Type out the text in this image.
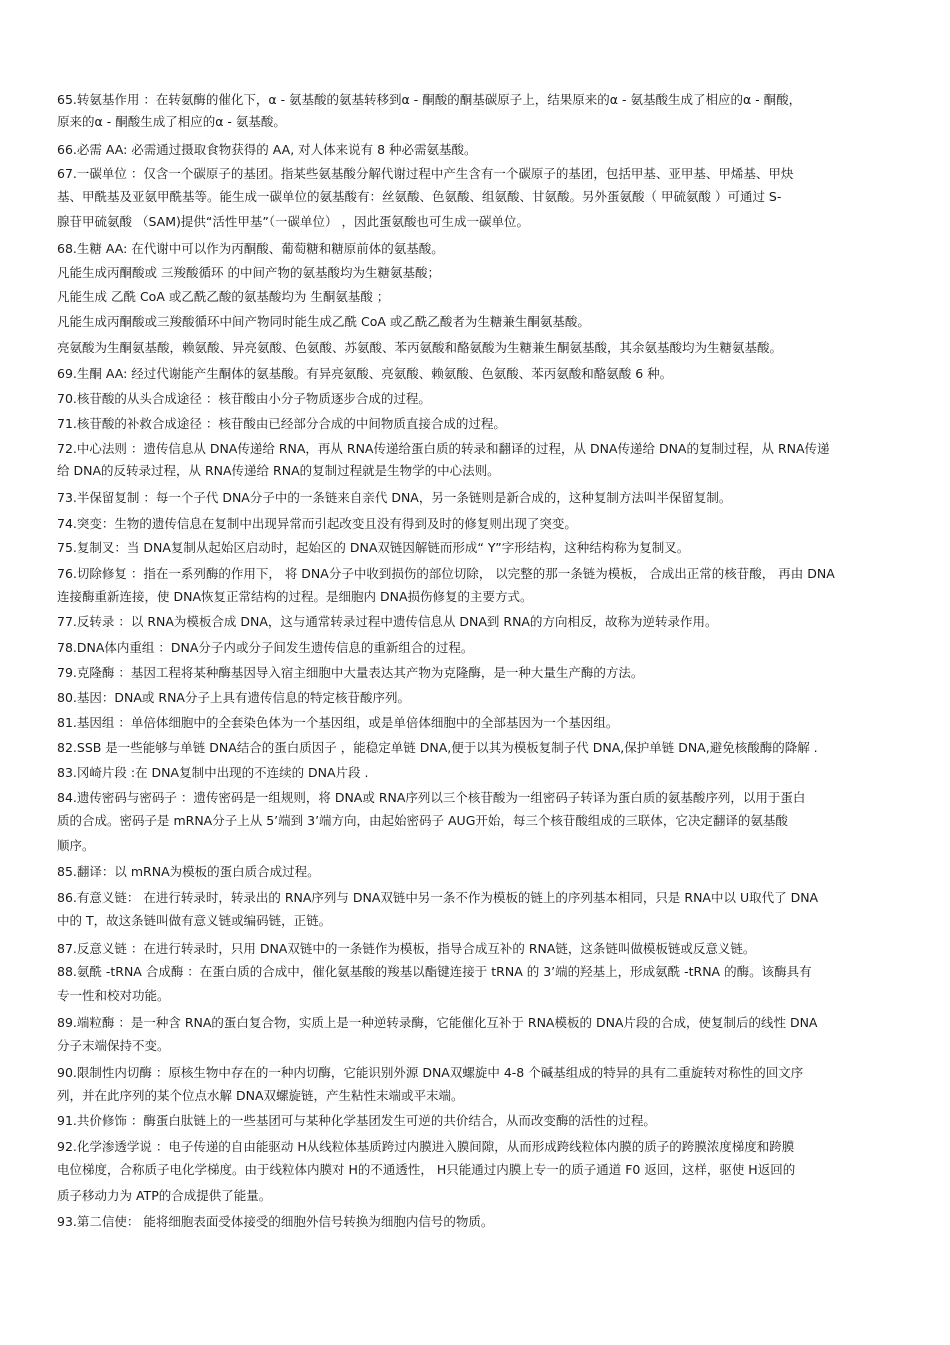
65.转氨基作用 ：在转氨酶的催化下，α - 氨基酸的氨基转移到α - 酮酸的酮基碳原子上，结果原来的α - 氨基酸生成了相应的α - 酮酸，
原来的α - 酮酸生成了相应的α - 氨基酸。
66.必需 AA: 必需通过摄取食物获得的 AA, 对人体来说有 8 种必需氨基酸。
67.一碳单位 ：仅含一个碳原子的基团。指某些氨基酸分解代谢过程中产生含有一个碳原子的基团，包括甲基、亚甲基、甲烯基、甲炔
基、甲酰基及亚氨甲酰基等。能生成一碳单位的氨基酸有：丝氨酸、色氨酸、组氨酸、甘氨酸。另外蛋氨酸（ 甲硫氨酸 ）可通过 S-
腺苷甲硫氨酸 （SAM)提供“活性甲基”（一碳单位） ，因此蛋氨酸也可生成一碳单位。
68.生糖 AA: 在代谢中可以作为丙酮酸、葡萄糖和糖原前体的氨基酸。
凡能生成丙酮酸或 三羧酸循环 的中间产物的氨基酸均为生糖氨基酸；
凡能生成 乙酰 CoA 或乙酰乙酸的氨基酸均为 生酮氨基酸 ；
凡能生成丙酮酸或三羧酸循环中间产物同时能生成乙酰 CoA 或乙酰乙酸者为生糖兼生酮氨基酸。
亮氨酸为生酮氨基酸，赖氨酸、异亮氨酸、色氨酸、苏氨酸、苯丙氨酸和酪氨酸为生糖兼生酮氨基酸，其余氨基酸均为生糖氨基酸。
69.生酮 AA: 经过代谢能产生酮体的氨基酸。有异亮氨酸、亮氨酸、赖氨酸、色氨酸、苯丙氨酸和酪氨酸 6 种。
70.核苷酸的从头合成途径 ：核苷酸由小分子物质逐步合成的过程。
71.核苷酸的补救合成途径 ：核苷酸由已经部分合成的中间物质直接合成的过程。
72.中心法则 ：遗传信息从 DNA传递给 RNA，再从 RNA传递给蛋白质的转录和翻译的过程，从 DNA传递给 DNA的复制过程，从 RNA传递
给 DNA的反转录过程，从 RNA传递给 RNA的复制过程就是生物学的中心法则。
73.半保留复制 ：每一个子代 DNA分子中的一条链来自亲代 DNA，另一条链则是新合成的，这种复制方法叫半保留复制。
74.突变：生物的遗传信息在复制中出现异常而引起改变且没有得到及时的修复则出现了突变。
75.复制叉：当 DNA复制从起始区启动时，起始区的 DNA双链因解链而形成“ Y”字形结构，这种结构称为复制叉。
76.切除修复 ：指在一系列酶的作用下， 将 DNA分子中收到损伤的部位切除， 以完整的那一条链为模板， 合成出正常的核苷酸， 再由 DNA
连接酶重新连接，使 DNA恢复正常结构的过程。是细胞内 DNA损伤修复的主要方式。
77.反转录 ：以 RNA为模板合成 DNA，这与通常转录过程中遗传信息从 DNA到 RNA的方向相反，故称为逆转录作用。
78.DNA体内重组 ：DNA分子内或分子间发生遗传信息的重新组合的过程。
79.克隆酶 ：基因工程将某种酶基因导入宿主细胞中大量表达其产物为克隆酶，是一种大量生产酶的方法。
80.基因：DNA或 RNA分子上具有遗传信息的特定核苷酸序列。
81.基因组 ：单倍体细胞中的全套染色体为一个基因组，或是单倍体细胞中的全部基因为一个基因组。
82.SSB 是一些能够与单链 DNA结合的蛋白质因子 ，能稳定单链 DNA,便于以其为模板复制子代 DNA,保护单链 DNA,避免核酸酶的降解 .
83.冈崎片段 :在 DNA复制中出现的不连续的 DNA片段 .
84.遗传密码与密码子 ：遗传密码是一组规则，将 DNA或 RNA序列以三个核苷酸为一组密码子转译为蛋白质的氨基酸序列，以用于蛋白
质的合成。密码子是 mRNA分子上从 5’端到 3’端方向，由起始密码子 AUG开始，每三个核苷酸组成的三联体，它决定翻译的氨基酸
顺序。
85.翻译：以 mRNA为模板的蛋白质合成过程。
86.有意义链： 在进行转录时，转录出的 RNA序列与 DNA双链中另一条不作为模板的链上的序列基本相同，只是 RNA中以 U取代了 DNA
中的 T，故这条链叫做有意义链或编码链，正链。
87.反意义链 ：在进行转录时，只用 DNA双链中的一条链作为模板，指导合成互补的 RNA链，这条链叫做模板链或反意义链。
88.氨酰 -tRNA 合成酶 ：在蛋白质的合成中，催化氨基酸的羧基以酯键连接于 tRNA 的 3’端的羟基上，形成氨酰 -tRNA 的酶。该酶具有
专一性和校对功能。
89.端粒酶 ：是一种含 RNA的蛋白复合物，实质上是一种逆转录酶，它能催化互补于 RNA模板的 DNA片段的合成，使复制后的线性 DNA
分子末端保持不变。
90.限制性内切酶 ：原核生物中存在的一种内切酶，它能识别外源 DNA双螺旋中 4-8 个碱基组成的特异的具有二重旋转对称性的回文序
列，并在此序列的某个位点水解 DNA双螺旋链，产生粘性末端或平末端。
91.共价修饰 ：酶蛋白肽链上的一些基团可与某种化学基团发生可逆的共价结合，从而改变酶的活性的过程。
92.化学渗透学说 ：电子传递的自由能驱动 H从线粒体基质跨过内膜进入膜间隙，从而形成跨线粒体内膜的质子的跨膜浓度梯度和跨膜
电位梯度，合称质子电化学梯度。由于线粒体内膜对 H的不通透性， H只能通过内膜上专一的质子通道 F0 返回，这样，驱使 H返回的
质子移动力为 ATP的合成提供了能量。
93.第二信使： 能将细胞表面受体接受的细胞外信号转换为细胞内信号的物质。
